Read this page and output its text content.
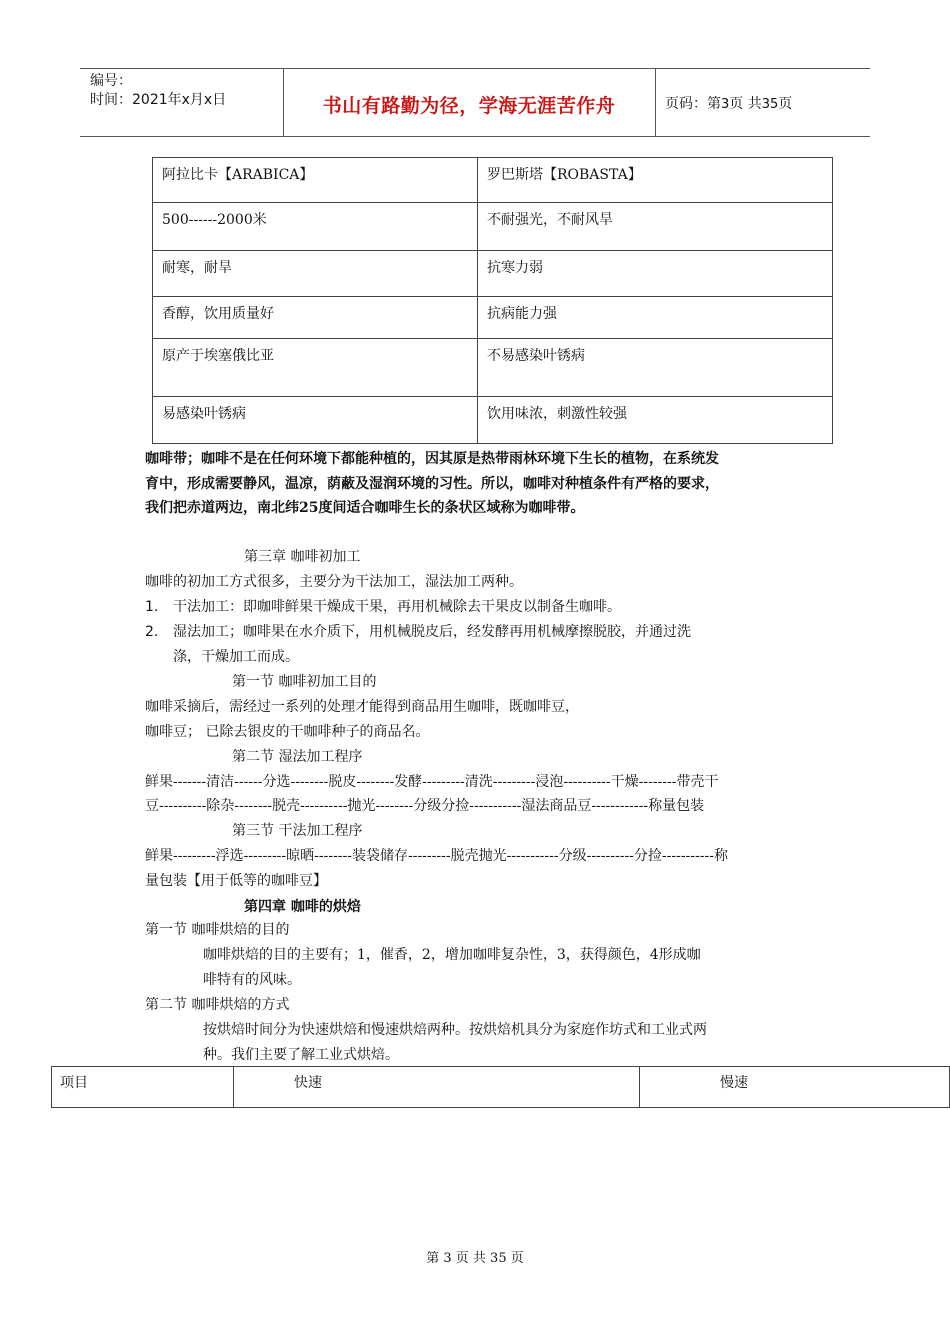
编号：
时间：2021年x月x日	书山有路勤为径，学海无涯苦作舟	页码：第3页 共35页
阿拉比卡【ARABICA】	罗巴斯塔【ROBASTA】
500------2000米	不耐强光，不耐风旱
耐寒，耐旱	抗寒力弱
香醇，饮用质量好	抗病能力强
原产于埃塞俄比亚	不易感染叶锈病
易感染叶锈病	饮用味浓，刺激性较强
咖啡带；咖啡不是在任何环境下都能种植的，因其原是热带雨林环境下生长的植物，在系统发
育中，形成需要静风，温凉，荫蔽及湿润环境的习性。所以，咖啡对种植条件有严格的要求，
我们把赤道两边，南北纬25度间适合咖啡生长的条状区域称为咖啡带。
第三章 咖啡初加工
咖啡的初加工方式很多，主要分为干法加工，湿法加工两种。
1. 干法加工：即咖啡鲜果干燥成干果，再用机械除去干果皮以制备生咖啡。
2. 湿法加工；咖啡果在水介质下，用机械脱皮后，经发酵再用机械摩擦脱胶，并通过洗
涤，干燥加工而成。
第一节 咖啡初加工目的
咖啡采摘后，需经过一系列的处理才能得到商品用生咖啡，既咖啡豆，
咖啡豆； 已除去银皮的干咖啡种子的商品名。
第二节 湿法加工程序
鲜果-------清洁------分选--------脱皮--------发酵---------清洗---------浸泡----------干燥--------带壳干
豆----------除杂--------脱壳----------抛光--------分级分捡-----------湿法商品豆------------称量包装
第三节 干法加工程序
鲜果---------浮选---------晾晒--------装袋储存---------脱壳抛光-----------分级----------分捡-----------称
量包装【用于低等的咖啡豆】
第四章 咖啡的烘焙
第一节 咖啡烘焙的目的
咖啡烘焙的目的主要有；1，催香，2，增加咖啡复杂性，3，获得颜色，4形成咖
啡特有的风味。
第二节 咖啡烘焙的方式
按烘焙时间分为快速烘焙和慢速烘焙两种。按烘焙机具分为家庭作坊式和工业式两
种。我们主要了解工业式烘焙。
项目	快速	慢速
第 3 页 共 35 页
